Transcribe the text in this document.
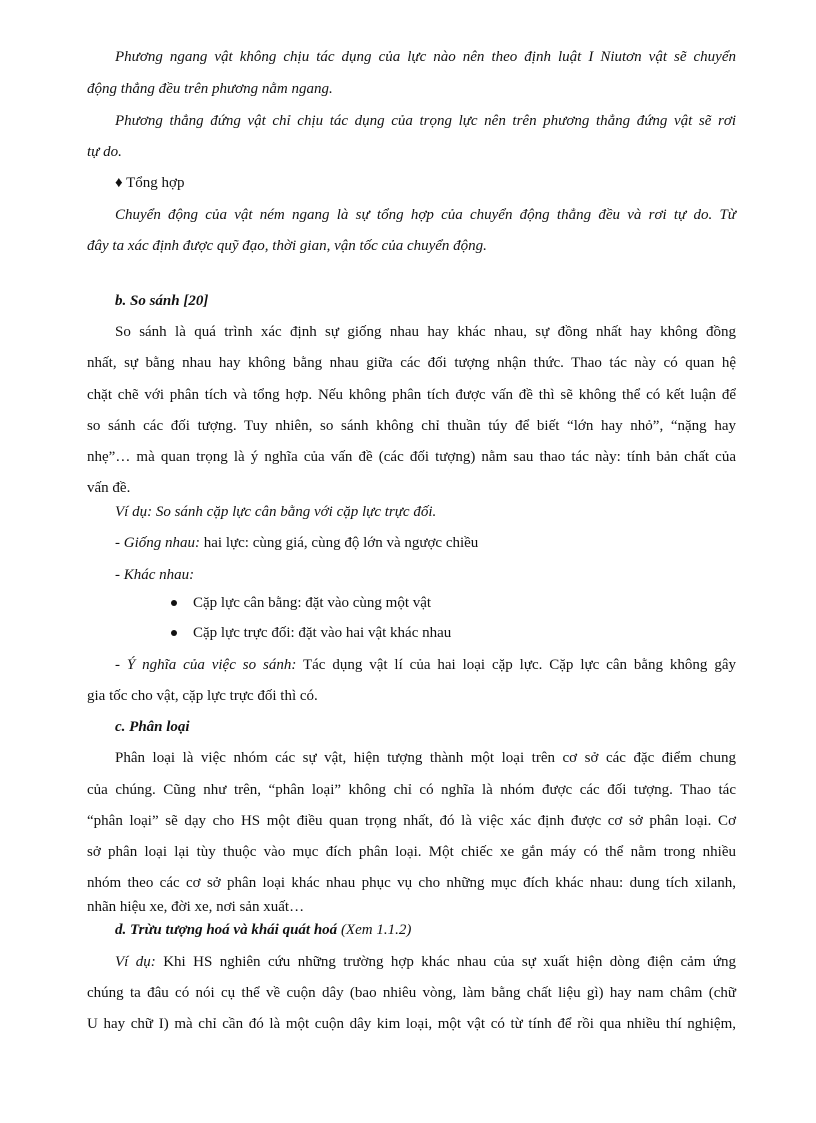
Phương ngang vật không chịu tác dụng của lực nào nên theo định luật I Niutơn vật sẽ chuyển
động thẳng đều trên phương nằm ngang.
Phương thẳng đứng vật chỉ chịu tác dụng của trọng lực nên trên phương thẳng đứng vật sẽ rơi
tự do.
♦ Tổng hợp
Chuyển động của vật ném ngang là sự tổng hợp của chuyển động thẳng đều và rơi tự do. Từ
đây ta xác định được quỹ đạo, thời gian, vận tốc của chuyển động.
b. So sánh [20]
So sánh là quá trình xác định sự giống nhau hay khác nhau, sự đồng nhất hay không đồng
nhất, sự bằng nhau hay không bằng nhau giữa các đối tượng nhận thức. Thao tác này có quan hệ
chặt chẽ với phân tích và tổng hợp. Nếu không phân tích được vấn đề thì sẽ không thể có kết luận để
so sánh các đối tượng. Tuy nhiên, so sánh không chỉ thuần túy để biết “lớn hay nhỏ”, “nặng hay
nhẹ”… mà quan trọng là ý nghĩa của vấn đề (các đối tượng) nằm sau thao tác này: tính bản chất của
vấn đề.
Ví dụ: So sánh cặp lực cân bằng với cặp lực trực đối.
- Giống nhau: hai lực: cùng giá, cùng độ lớn và ngược chiều
- Khác nhau:
Cặp lực cân bằng: đặt vào cùng một vật
Cặp lực trực đối: đặt vào hai vật khác nhau
- Ý nghĩa của việc so sánh: Tác dụng vật lí của hai loại cặp lực. Cặp lực cân bằng không gây
gia tốc cho vật, cặp lực trực đối thì có.
c. Phân loại
Phân loại là việc nhóm các sự vật, hiện tượng thành một loại trên cơ sở các đặc điểm chung
của chúng. Cũng như trên, “phân loại” không chỉ có nghĩa là nhóm được các đối tượng. Thao tác
“phân loại” sẽ dạy cho HS một điều quan trọng nhất, đó là việc xác định được cơ sở phân loại. Cơ
sở phân loại lại tùy thuộc vào mục đích phân loại. Một chiếc xe gắn máy có thể nằm trong nhiều
nhóm theo các cơ sở phân loại khác nhau phục vụ cho những mục đích khác nhau: dung tích xilanh,
nhãn hiệu xe, đời xe, nơi sản xuất…
d. Trừu tượng hoá và khái quát hoá (Xem 1.1.2)
Ví dụ: Khi HS nghiên cứu những trường hợp khác nhau của sự xuất hiện dòng điện cảm ứng
chúng ta đâu có nói cụ thể về cuộn dây (bao nhiêu vòng, làm bằng chất liệu gì) hay nam châm (chữ
U hay chữ I) mà chỉ cần đó là một cuộn dây kim loại, một vật có từ tính để rồi qua nhiều thí nghiệm,
